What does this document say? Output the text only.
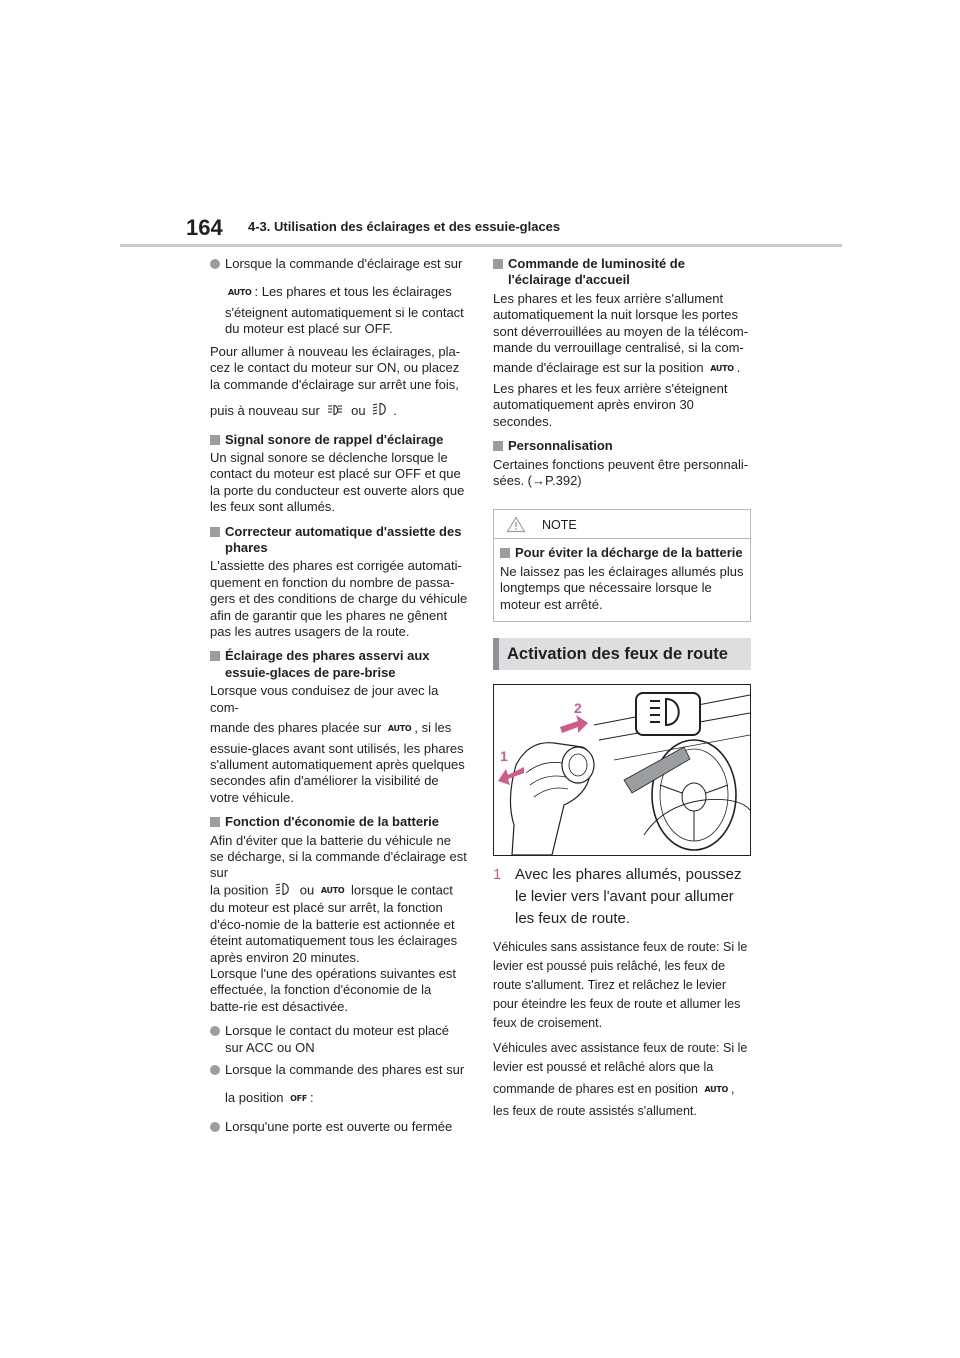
164 4-3. Utilisation des éclairages et des essuie-glaces
Lorsque la commande d'éclairage est sur
AUTO : Les phares et tous les éclairages
s'éteignent automatiquement si le contact du moteur est placé sur OFF.

Pour allumer à nouveau les éclairages, pla-cez le contact du moteur sur ON, ou placez la commande d'éclairage sur arrêt une fois,

puis à nouveau sur ou .

Signal sonore de rappel d'éclairage

Un signal sonore se déclenche lorsque le contact du moteur est placé sur OFF et que la porte du conducteur est ouverte alors que les feux sont allumés.

Correcteur automatique d'assiette des phares

L'assiette des phares est corrigée automati-quement en fonction du nombre de passa-gers et des conditions de charge du véhicule afin de garantir que les phares ne gênent pas les autres usagers de la route.

Éclairage des phares asservi aux essuie-glaces de pare-brise

Lorsque vous conduisez de jour avec la com-

mande des phares placée sur AUTO , si les

essuie-glaces avant sont utilisés, les phares s'allument automatiquement après quelques secondes afin d'améliorer la visibilité de votre véhicule.

Fonction d'économie de la batterie

Afin d'éviter que la batterie du véhicule ne se décharge, si la commande d'éclairage est sur

la position ou AUTO lorsque le contact du moteur est placé sur arrêt, la fonction d'éco-nomie de la batterie est actionnée et éteint automatiquement tous les éclairages après environ 20 minutes.

Lorsque l'une des opérations suivantes est effectuée, la fonction d'économie de la batte-rie est désactivée.

Lorsque le contact du moteur est placé sur ACC ou ON
Lorsque la commande des phares est sur
la position OFF :
Lorsqu'une porte est ouverte ou fermée
Commande de luminosité de l'éclairage d'accueil

Les phares et les feux arrière s'allument automatiquement la nuit lorsque les portes sont déverrouillées au moyen de la télécom-mande du verrouillage centralisé, si la com-

mande d'éclairage est sur la position AUTO .

Les phares et les feux arrière s'éteignent automatiquement après environ 30 secondes.

Personnalisation

Certaines fonctions peuvent être personnali-sées. (→P.392)

NOTE
Pour éviter la décharge de la batterie

Ne laissez pas les éclairages allumés plus longtemps que nécessaire lorsque le moteur est arrêté.

Activation des feux de route
2
1
1 Avec les phares allumés, poussez le levier vers l'avant pour allumer les feux de route.

Véhicules sans assistance feux de route: Si le levier est poussé puis relâché, les feux de route s'allument. Tirez et relâchez le levier pour éteindre les feux de route et allumer les feux de croisement.

Véhicules avec assistance feux de route: Si le levier est poussé et relâché alors que la

commande de phares est en position AUTO ,

les feux de route assistés s'allument.
